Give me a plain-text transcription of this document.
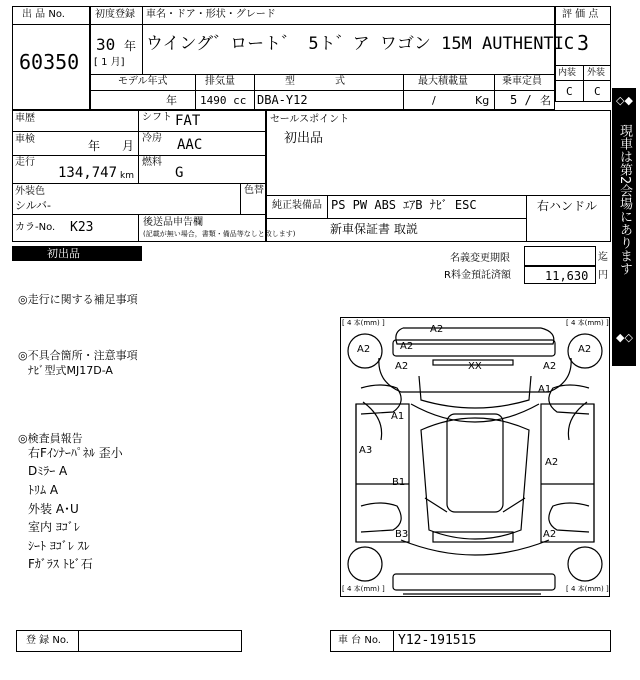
出 品 No.
60350
初度登録
30 年
[ 1 月]
車名・ドア・形状・グレード
ウイング゛ロート゛ 5ト゛ア ワゴン 15M AUTHENTIC
モデル年式
年
排気量
1490 cc
型　　　　式
DBA-Y12
最大積載量
/	Kg
乗車定員
5 / 名
評 価 点
3
内装 外装
C C
車歴	シフト FAT
車検	年 月
冷房 AAC
走行
134,747 km
燃料
G
外装色
シルバ-
色替
カラ-No. K23	後送品申告欄
(記載が無い場合，書類・備品等なしと致します)
セールスポイント
初出品
純正装備品 PS PW ABS ｴｱB ﾅﾋﾞ ESC	右ハンドル
新車保証書 取説
初出品	名義変更期限	迄
R料金預託済額	11,630 円
◇◆
現車は第2会場にあります
◆◇
◎走行に関する補足事項
◎不具合箇所・注意事項
ﾅﾋﾞ型式MJ17D-A
◎検査員報告
右Fｲﾝﾅｰﾊﾟﾈﾙ 歪小
Dﾐﾗｰ A
ﾄﾘﾑ A
外装 A･U
室内 ﾖｺﾞﾚ
ｼｰﾄ ﾖｺﾞﾚ ｽﾚ
Fｶﾞﾗｽ ﾄﾋﾞ石
[ 4 本(mm) ]	[ 4 本(mm) ]
[ 4 本(mm) ]	[ 4 本(mm) ]
A2
A2	A2
A2
A2	XX	A2
A1
A1
A3
B1
A2
B3	A2
登 録 No.	車 台 No. Y12-191515
